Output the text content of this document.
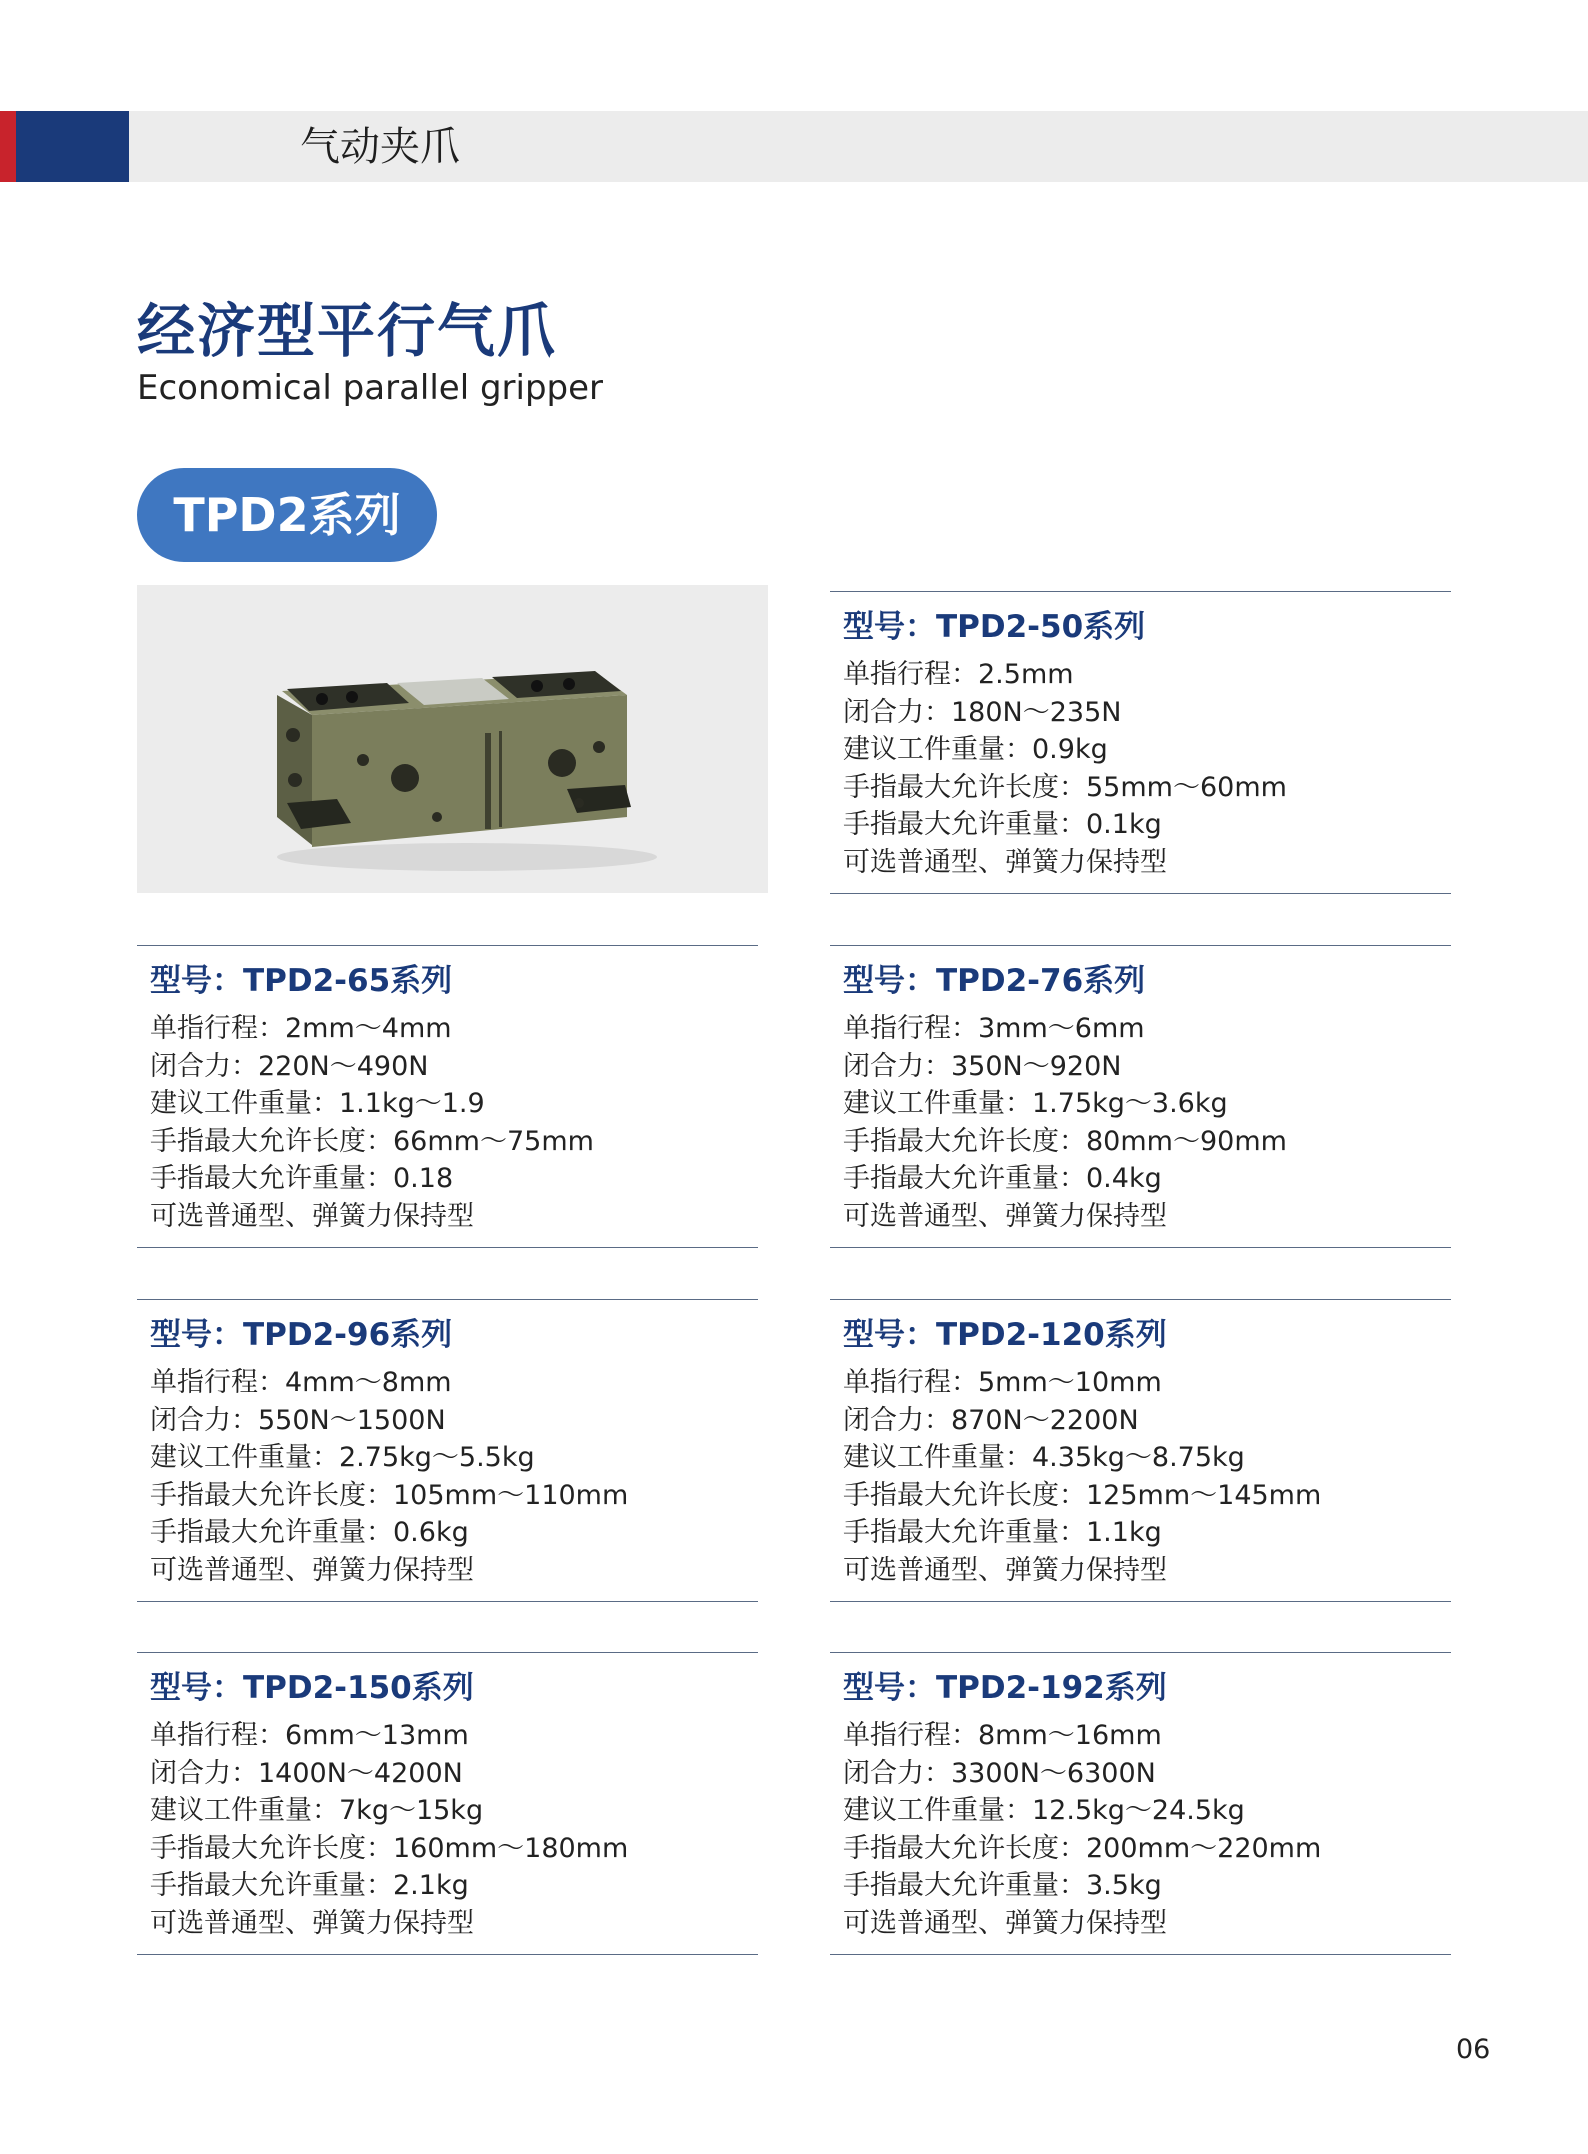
气动夹爪
经济型平行气爪
Economical parallel gripper
TPD2系列
型号：TPD2-50系列
单指行程：2.5mm
闭合力：180N～235N
建议工件重量：0.9kg
手指最大允许长度：55mm～60mm
手指最大允许重量：0.1kg
可选普通型、弹簧力保持型
型号：TPD2-65系列
单指行程：2mm～4mm
闭合力：220N～490N
建议工件重量：1.1kg～1.9
手指最大允许长度：66mm～75mm
手指最大允许重量：0.18
可选普通型、弹簧力保持型
型号：TPD2-76系列
单指行程：3mm～6mm
闭合力：350N～920N
建议工件重量：1.75kg～3.6kg
手指最大允许长度：80mm～90mm
手指最大允许重量：0.4kg
可选普通型、弹簧力保持型
型号：TPD2-96系列
单指行程：4mm～8mm
闭合力：550N～1500N
建议工件重量：2.75kg～5.5kg
手指最大允许长度：105mm～110mm
手指最大允许重量：0.6kg
可选普通型、弹簧力保持型
型号：TPD2-120系列
单指行程：5mm～10mm
闭合力：870N～2200N
建议工件重量：4.35kg～8.75kg
手指最大允许长度：125mm～145mm
手指最大允许重量：1.1kg
可选普通型、弹簧力保持型
型号：TPD2-150系列
单指行程：6mm～13mm
闭合力：1400N～4200N
建议工件重量：7kg～15kg
手指最大允许长度：160mm～180mm
手指最大允许重量：2.1kg
可选普通型、弹簧力保持型
型号：TPD2-192系列
单指行程：8mm～16mm
闭合力：3300N～6300N
建议工件重量：12.5kg～24.5kg
手指最大允许长度：200mm～220mm
手指最大允许重量：3.5kg
可选普通型、弹簧力保持型
06
